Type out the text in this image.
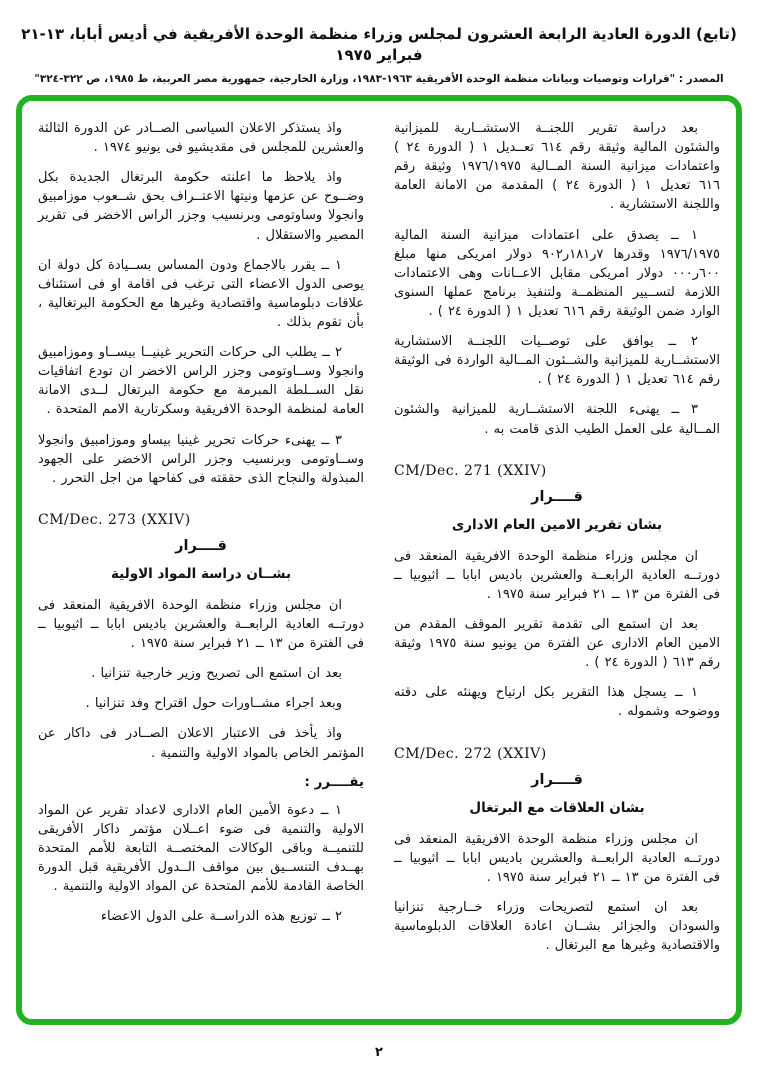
(تابع) الدورة العادية الرابعة العشرون لمجلس وزراء منظمة الوحدة الأفريقية في أديس أبابا، ١٣-٢١ فبراير ١٩٧٥
المصدر : "قرارات وتوصيات وبيانات منظمة الوحدة الأفريقية ١٩٦٣-١٩٨٣، وزارة الخارجية، جمهورية مصر العربية، ط ١٩٨٥، ص ٣٢٢-٣٢٤"

بعد دراسة تقرير اللجنــة الاستشــارية للميزانية والشئون المالية وثيقة رقم ٦١٤ تعــديل ١ ( الدورة ٢٤ ) واعتمادات ميزانية السنة المــالية ١٩٧٦/١٩٧٥ وثيقة رقم ٦١٦ تعديل ١ ( الدورة ٢٤ ) المقدمة من الامانة العامة واللجنة الاستشارية .

١ ــ يصدق على اعتمادات ميزانية السنة المالية ١٩٧٦/١٩٧٥ وقدرها ٧ر١٨١ر٩٠٢ دولار امريكى منها مبلغ ٦٠٠ر٠٠٠ دولار امريكى مقابل الاعــانات وهى الاعتمادات اللازمة لتســيير المنظمــة ولتنفيذ برنامج عملها السنوى الوارد ضمن الوثيقة رقم ٦١٦ تعديل ١ ( الدورة ٢٤ ) .

٢ ــ يوافق على توصــيات اللجنــة الاستشارية الاستشــارية للميزانية والشــئون المــالية الواردة فى الوثيقة رقم ٦١٤ تعديل ١ ( الدورة ٢٤ ) .

٣ ــ يهنىء اللجنة الاستشــارية للميزانية والشئون المــالية على العمل الطيب الذى قامت به .

CM/Dec. 271 (XXIV)
قــــرار
بشان تقرير الامين العام الادارى

ان مجلس وزراء منظمة الوحدة الافريقية المنعقد فى دورتــه العادية الرابعــة والعشرين باديس ابابا ــ اثيوبيا ــ فى الفترة من ١٣ ــ ٢١ فبراير سنة ١٩٧٥ .

بعد ان استمع الى تقدمة تقرير الموقف المقدم من الامين العام الادارى عن الفترة من يونيو سنة ١٩٧٥ وثيقة رقم ٦١٣ ( الدورة ٢٤ ) .

١ ــ يسجل هذا التقرير بكل ارتياح ويهنئه على دقته ووضوحه وشموله .

CM/Dec. 272 (XXIV)
قــــرار
بشان العلاقات مع البرتغال

ان مجلس وزراء منظمة الوحدة الافريقية المنعقد فى دورتــه العادية الرابعــة والعشرين باديس ابابا ــ اثيوبيا ــ فى الفترة من ١٣ ــ ٢١ فبراير سنة ١٩٧٥ .

بعد ان استمع لتصريحات وزراء خــارجية تنزانيا والسودان والجزائر بشــان اعادة العلاقات الدبلوماسية والاقتصادية وغيرها مع البرتغال .

واذ يستذكر الاعلان السياسى الصــادر عن الدورة الثالثة والعشرين للمجلس فى مقديشيو فى يونيو ١٩٧٤ .

واذ يلاحظ ما اعلنته حكومة البرتغال الجديدة بكل وضــوح عن عزمها ونيتها الاعتــراف بحق شــعوب موزامبيق وانجولا وساوتومى وبرنسيب وجزر الراس الاخضر فى تقرير المصير والاستقلال .

١ ــ يقرر بالاجماع ودون المساس بســيادة كل دولة ان يوصى الدول الاعضاء التى ترغب فى اقامة او فى استئناف علاقات دبلوماسية واقتصادية وغيرها مع الحكومة البرتغالية ، بأن تقوم بذلك .

٢ ــ يطلب الى حركات التحرير غينيــا بيســاو وموزامبيق وانجولا وســاوتومى وجزر الراس الاخضر ان تودع اتفاقيات نقل الســلطة المبرمة مع حكومة البرتغال لــدى الامانة العامة لمنظمة الوحدة الافريقية وسكرتارية الامم المتحدة .

٣ ــ يهنىء حركات تحرير غينيا بيساو وموزامبيق وانجولا وســاوتومى وبرنسيب وجزر الراس الاخضر على الجهود المبذولة والنجاح الذى حققته فى كفاحها من اجل التحرر .

CM/Dec. 273 (XXIV)
قــــرار
بشــان دراسة المواد الاولية

ان مجلس وزراء منظمة الوحدة الافريقية المنعقد فى دورتــه العادية الرابعــة والعشرين باديس ابابا ــ اثيوبيا ــ فى الفترة من ١٣ ــ ٢١ فبراير سنة ١٩٧٥ .

بعد ان استمع الى تصريح وزير خارجية تنزانيا .

وبعد اجراء مشــاورات حول اقتراح وفد تنزانيا .

واذ يأخذ فى الاعتبار الاعلان الصــادر فى داكار عن المؤتمر الخاص بالمواد الاولية والتنمية .

يقــــرر :

١ ــ دعوة الأمين العام الادارى لاعداد تقرير عن المواد الاولية والتنمية فى ضوء اعــلان مؤتمر داكار الأفريقى للتنميــة وباقى الوكالات المختصــة التابعة للأمم المتحدة بهــدف التنســيق بين مواقف الــدول الأفريقية قبل الدورة الخاصة القادمة للأمم المتحدة عن المواد الاولية والتنمية .

٢ ــ توزيع هذه الدراســة على الدول الاعضاء

٢
